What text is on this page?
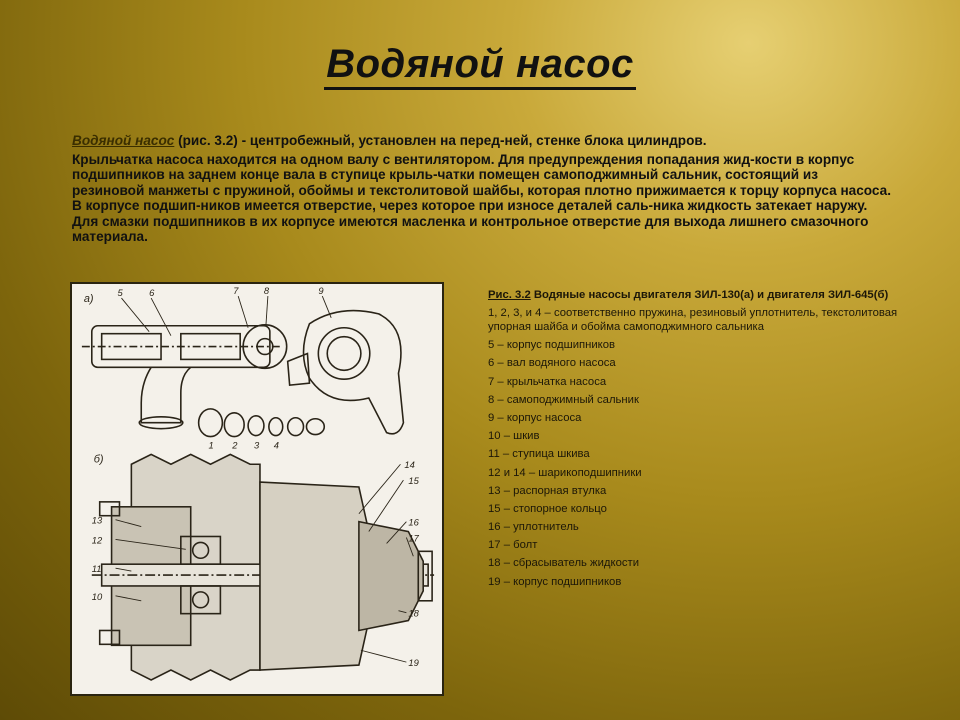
Водяной насос

Водяной насос (рис. 3.2) - центробежный, установлен на перед-ней, стенке блока цилиндров.

Крыльчатка насоса находится на одном валу с вентилятором. Для предупреждения попадания жид-кости в корпус подшипников на заднем конце вала в ступице крыль-чатки помещен самоподжимный сальник, состоящий из резиновой манжеты с пружиной, обоймы и текстолитовой шайбы, которая плотно прижимается к торцу корпуса насоса. В корпусе подшип-ников имеется отверстие, через которое при износе деталей саль-ника жидкость затекает наружу. Для смазки подшипников в их корпусе имеются масленка и контрольное отверстие для выхода лишнего смазочного материала.

а)
б)
5	6	7	8	9
1 2 3 4
14
15
16
17
13
12
11
10
18
19
Рис. 3.2 Водяные насосы двигателя ЗИЛ-130(а) и двигателя ЗИЛ-645(б)
1, 2, 3, и 4 – соответственно пружина, резиновый уплотнитель, текстолитовая упорная шайба и обойма самоподжимного сальника
5 – корпус подшипников
6 – вал водяного насоса
7 – крыльчатка насоса
8 – самоподжимный сальник
9 – корпус насоса
10 – шкив
11 – ступица шкива
12 и 14 – шарикоподшипники
13 – распорная втулка
15 – стопорное кольцо
16 – уплотнитель
17 – болт
18 – сбрасыватель жидкости
19 – корпус подшипников
